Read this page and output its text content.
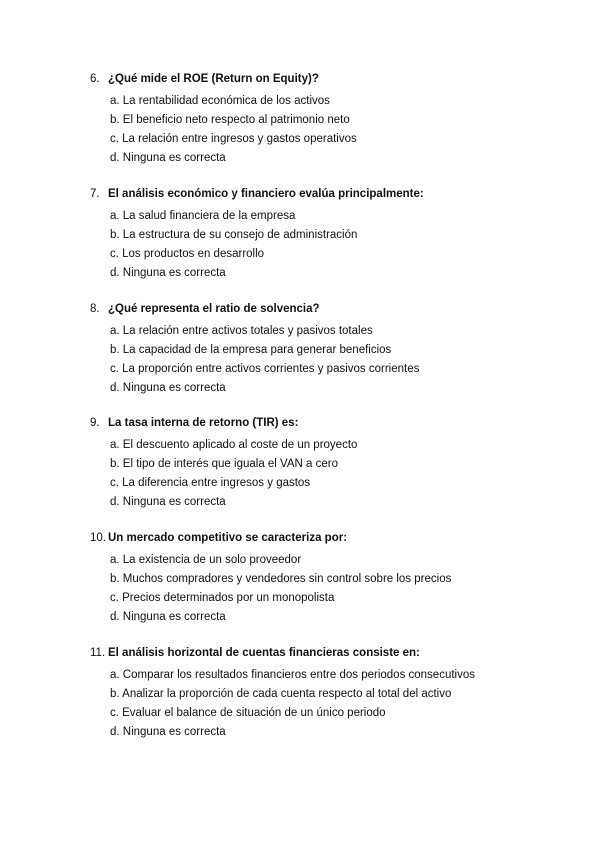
6. ¿Qué mide el ROE (Return on Equity)?
a. La rentabilidad económica de los activos
b. El beneficio neto respecto al patrimonio neto
c. La relación entre ingresos y gastos operativos
d. Ninguna es correcta
7. El análisis económico y financiero evalúa principalmente:
a. La salud financiera de la empresa
b. La estructura de su consejo de administración
c. Los productos en desarrollo
d. Ninguna es correcta
8. ¿Qué representa el ratio de solvencia?
a. La relación entre activos totales y pasivos totales
b. La capacidad de la empresa para generar beneficios
c. La proporción entre activos corrientes y pasivos corrientes
d. Ninguna es correcta
9. La tasa interna de retorno (TIR) es:
a. El descuento aplicado al coste de un proyecto
b. El tipo de interés que iguala el VAN a cero
c. La diferencia entre ingresos y gastos
d. Ninguna es correcta
10. Un mercado competitivo se caracteriza por:
a. La existencia de un solo proveedor
b. Muchos compradores y vendedores sin control sobre los precios
c. Precios determinados por un monopolista
d. Ninguna es correcta
11. El análisis horizontal de cuentas financieras consiste en:
a. Comparar los resultados financieros entre dos periodos consecutivos
b. Analizar la proporción de cada cuenta respecto al total del activo
c. Evaluar el balance de situación de un único periodo
d. Ninguna es correcta
